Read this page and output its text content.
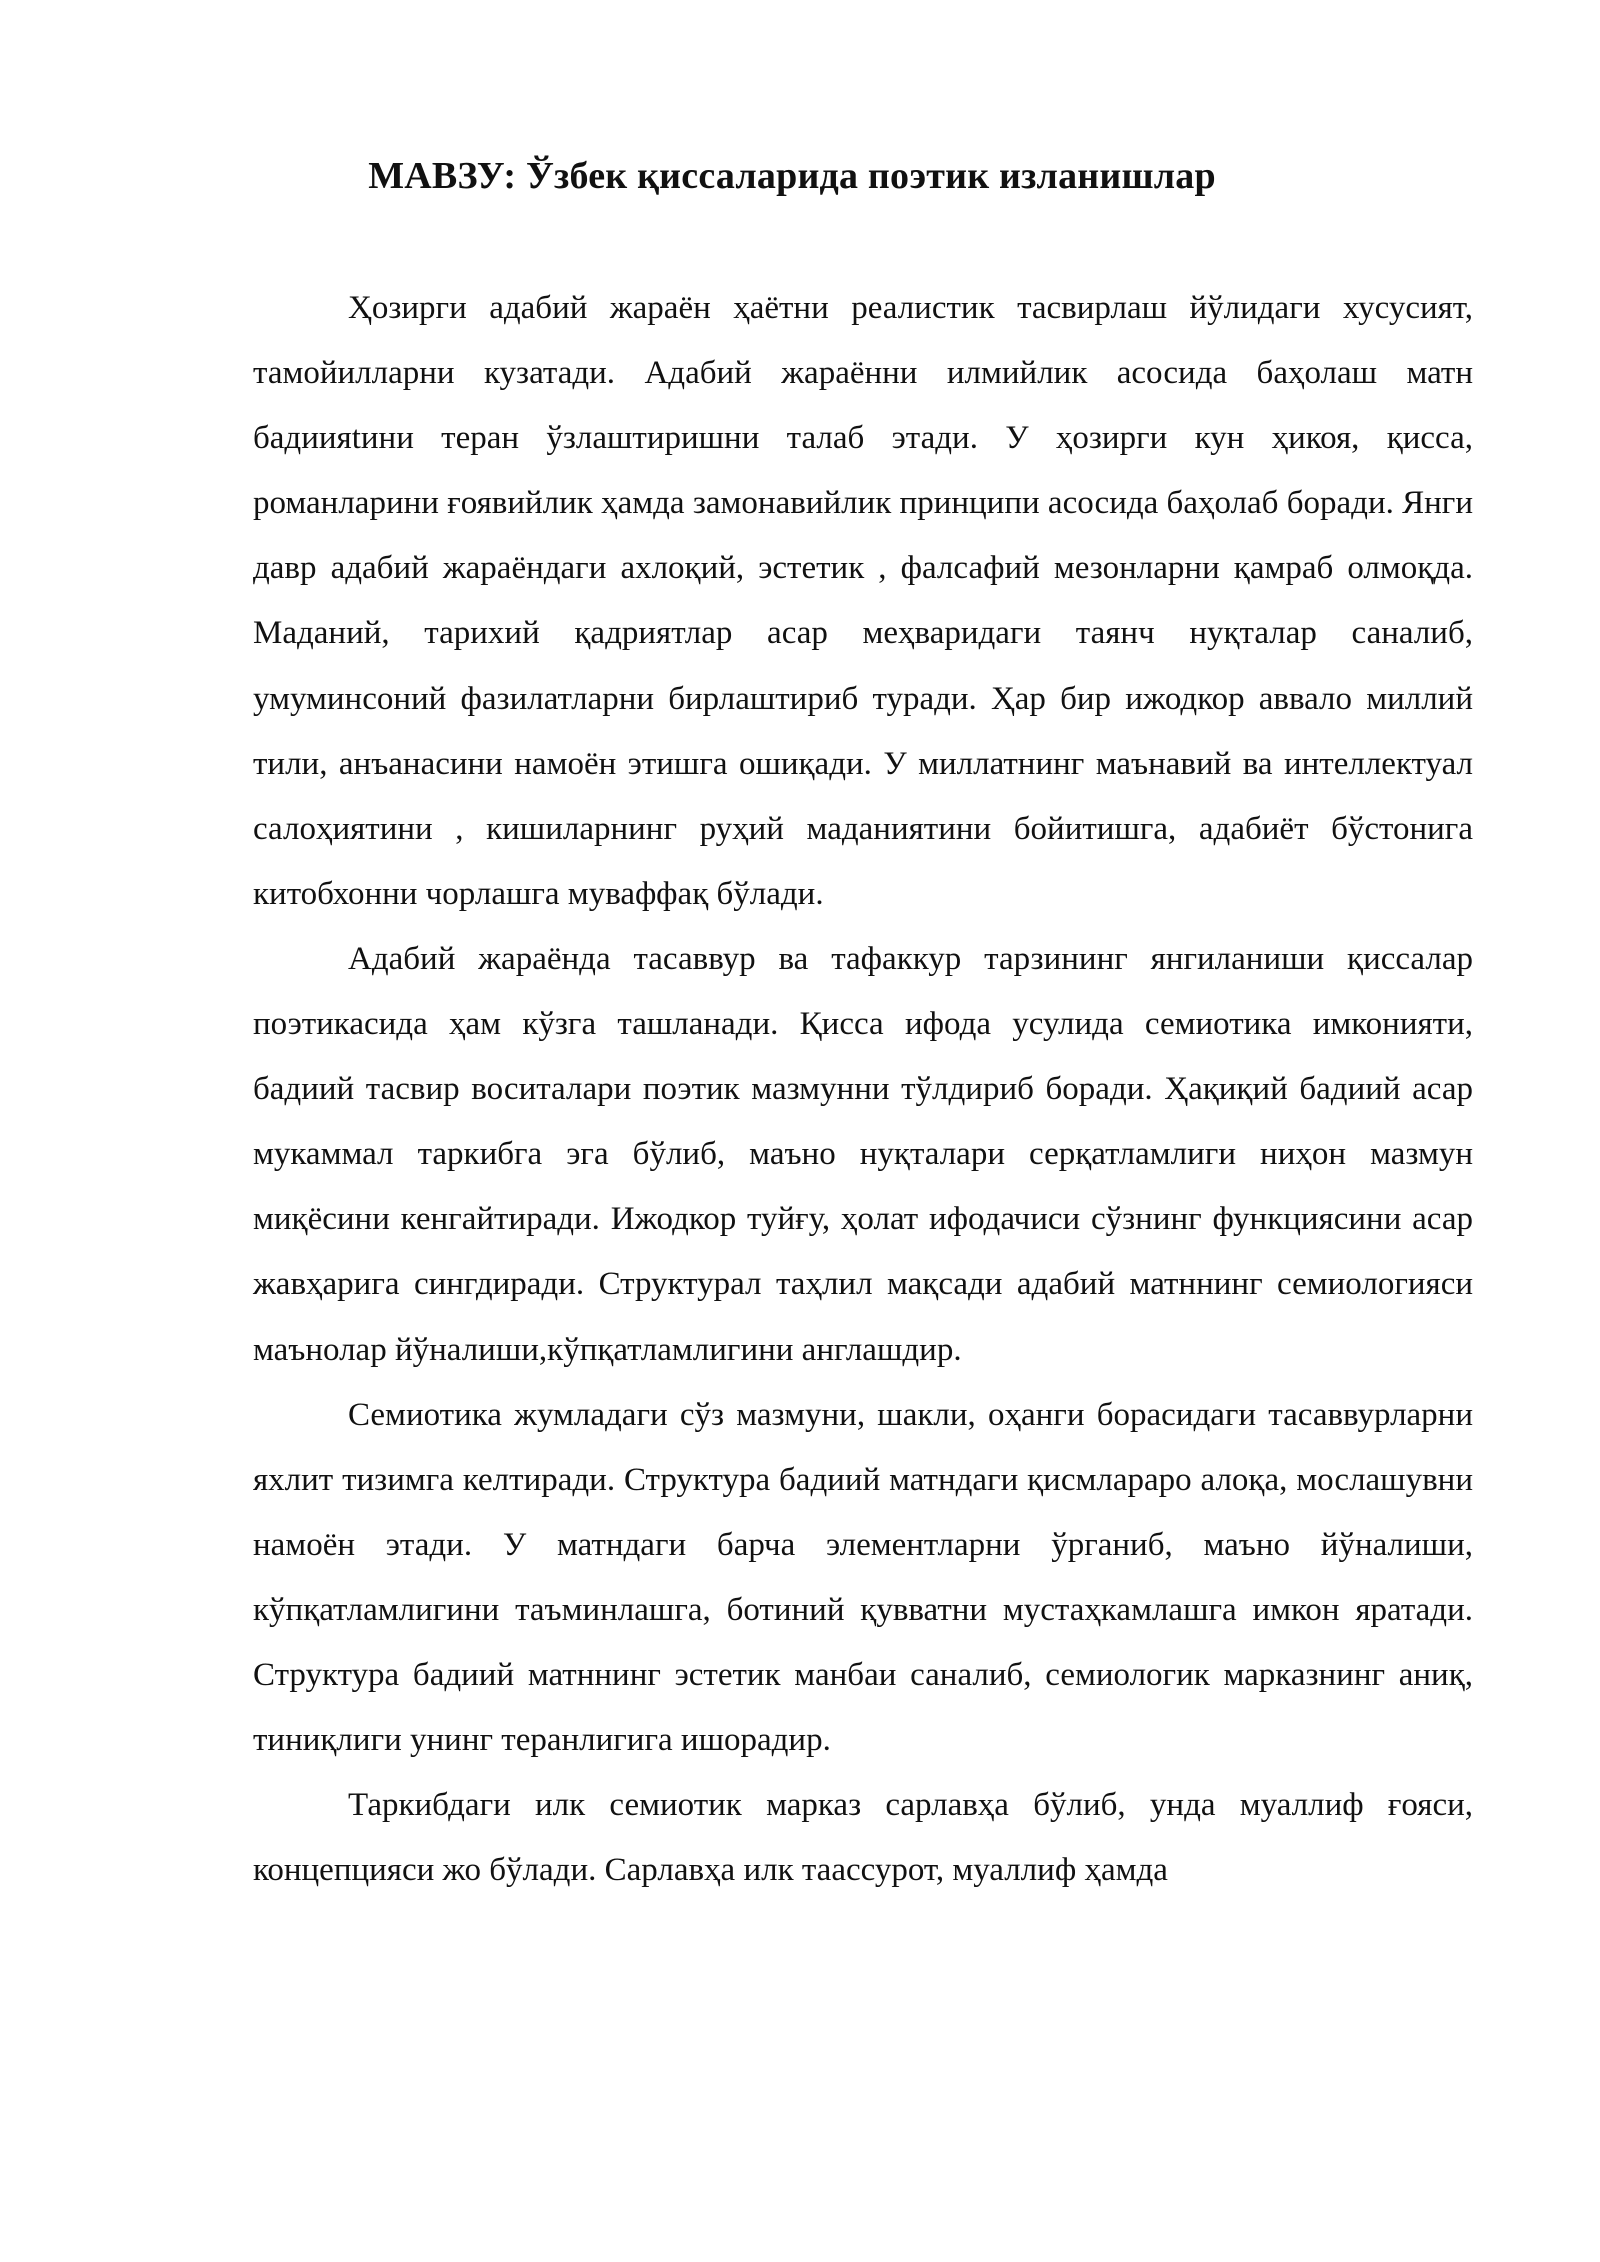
МАВЗУ: Ўзбек қиссаларида поэтик изланишлар

Ҳозирги адабий жараён ҳаётни реалистик тасвирлаш йўлидаги хусусият, тамойилларни кузатади. Адабий жараённи илмийлик асосида баҳолаш матн бадиияtини теран ўзлаштиришни талаб этади. У ҳозирги кун ҳикоя, қисса, романларини ғоявийлик ҳамда замонавийлик принципи асосида баҳолаб боради. Янги давр адабий жараёндаги ахлоқий, эстетик , фалсафий мезонларни қамраб олмоқда. Маданий, тарихий қадриятлар асар меҳваридаги таянч нуқталар саналиб, умуминсоний фазилатларни бирлаштириб туради. Ҳар бир ижодкор аввало миллий тили, анъанасини намоён этишга ошиқади. У миллатнинг маънавий ва интеллектуал салоҳиятини , кишиларнинг руҳий маданиятини бойитишга, адабиёт бўстонига китобхонни чорлашга муваффақ бўлади.

Адабий жараёнда тасаввур ва тафаккур тарзининг янгиланиши қиссалар поэтикасида ҳам кўзга ташланади. Қисса ифода усулида семиотика имконияти, бадиий тасвир воситалари поэтик мазмунни тўлдириб боради. Ҳақиқий бадиий асар мукаммал таркибга эга бўлиб, маъно нуқталари серқатламлиги ниҳон мазмун миқёсини кенгайтиради. Ижодкор туйғу, ҳолат ифодачиси сўзнинг функциясини асар жавҳарига сингдиради. Структурал таҳлил мақсади адабий матннинг семиологияси маънолар йўналиши,кўпқатламлигини англашдир.

Семиотика жумладаги сўз мазмуни, шакли, оҳанги борасидаги тасаввурларни яхлит тизимга келтиради. Структура бадиий матндаги қисмлараро алоқа, мослашувни намоён этади. У матндаги барча элементларни ўрганиб, маъно йўналиши, кўпқатламлигини таъминлашга, ботиний қувватни мустаҳкамлашга имкон яратади. Структура бадиий матннинг эстетик манбаи саналиб, семиологик марказнинг аниқ, тиниқлиги унинг теранлигига ишорадир.

Таркибдаги илк семиотик марказ сарлавҳа бўлиб, унда муаллиф ғояси, концепцияси жо бўлади. Сарлавҳа илк таассурот, муаллиф ҳамда
